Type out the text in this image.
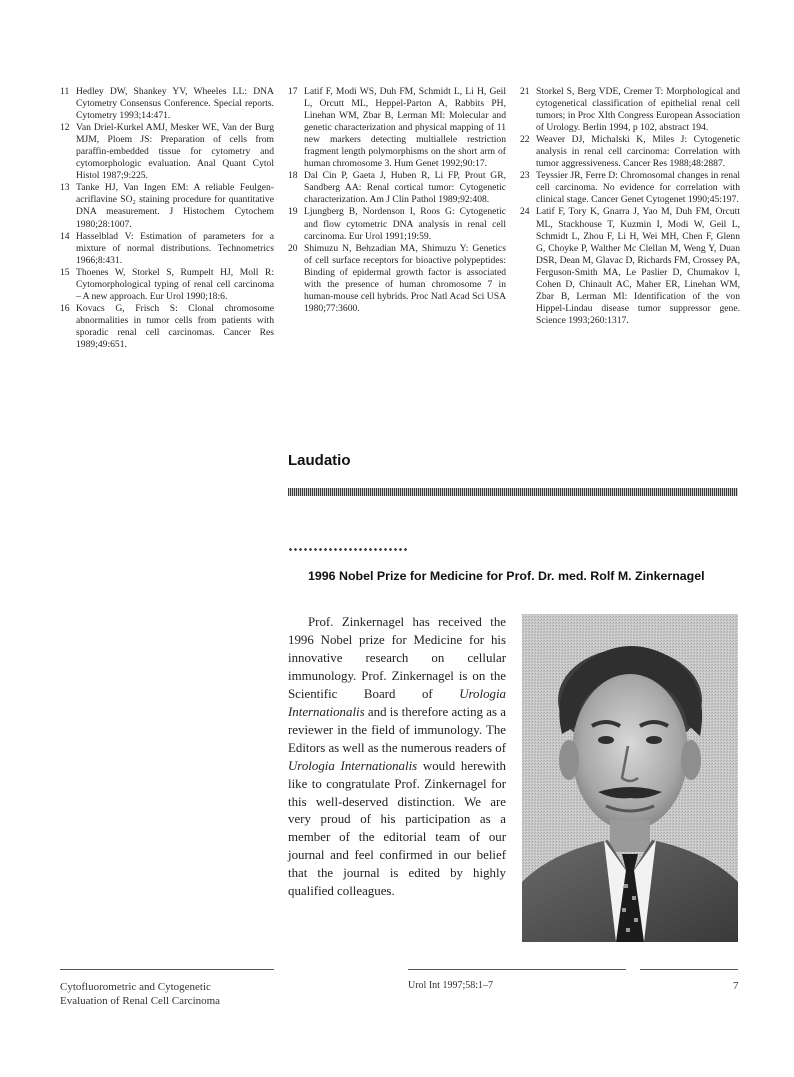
11 Hedley DW, Shankey YV, Wheeles LL: DNA Cytometry Consensus Conference. Special reports. Cytometry 1993;14:471.
12 Van Driel-Kurkel AMJ, Mesker WE, Van der Burg MJM, Ploem JS: Preparation of cells from paraffin-embedded tissue for cytometry and cytomorphologic evaluation. Anal Quant Cytol Histol 1987;9:225.
13 Tanke HJ, Van Ingen EM: A reliable Feulgen-acriflavine SO₂ staining procedure for quantitative DNA measurement. J Histochem Cytochem 1980;28:1007.
14 Hasselblad V: Estimation of parameters for a mixture of normal distributions. Technometrics 1966;8:431.
15 Thoenes W, Storkel S, Rumpelt HJ, Moll R: Cytomorphological typing of renal cell carcinoma – A new approach. Eur Urol 1990;18:6.
16 Kovacs G, Frisch S: Clonal chromosome abnormalities in tumor cells from patients with sporadic renal cell carcinomas. Cancer Res 1989;49:651.
17 Latif F, Modi WS, Duh FM, Schmidt L, Li H, Geil L, Orcutt ML, Heppel-Parton A, Rabbits PH, Linehan WM, Zbar B, Lerman MI: Molecular and genetic characterization and physical mapping of 11 new markers detecting multiallele restriction fragment length polymorphisms on the short arm of human chromosome 3. Hum Genet 1992;90:17.
18 Dal Cin P, Gaeta J, Huben R, Li FP, Prout GR, Sandberg AA: Renal cortical tumor: Cytogenetic characterization. Am J Clin Pathol 1989;92:408.
19 Ljungberg B, Nordenson I, Roos G: Cytogenetic and flow cytometric DNA analysis in renal cell carcinoma. Eur Urol 1991;19:59.
20 Shimuzu N, Behzadian MA, Shimuzu Y: Genetics of cell surface receptors for bioactive polypeptides: Binding of epidermal growth factor is associated with the presence of human chromosome 7 in human-mouse cell hybrids. Proc Natl Acad Sci USA 1980;77:3600.
21 Storkel S, Berg VDE, Cremer T: Morphological and cytogenetical classification of epithelial renal cell tumors; in Proc XIth Congress European Association of Urology. Berlin 1994, p 102, abstract 194.
22 Weaver DJ, Michalski K, Miles J: Cytogenetic analysis in renal cell carcinoma: Correlation with tumor aggressiveness. Cancer Res 1988;48:2887.
23 Teyssier JR, Ferre D: Chromosomal changes in renal cell carcinoma. No evidence for correlation with clinical stage. Cancer Genet Cytogenet 1990;45:197.
24 Latif F, Tory K, Gnarra J, Yao M, Duh FM, Orcutt ML, Stackhouse T, Kuzmin I, Modi W, Geil L, Schmidt L, Zhou F, Li H, Wei MH, Chen F, Glenn G, Choyke P, Walther Mc Clellan M, Weng Y, Duan DSR, Dean M, Glavac D, Richards FM, Crossey PA, Ferguson-Smith MA, Le Paslier D, Chumakov I, Cohen D, Chinault AC, Maher ER, Linehan WM, Zbar B, Lerman MI: Identification of the von Hippel-Lindau disease tumor suppressor gene. Science 1993;260:1317.
Laudatio
1996 Nobel Prize for Medicine for Prof. Dr. med. Rolf M. Zinkernagel

Prof. Zinkernagel has received the 1996 Nobel prize for Medicine for his innovative research on cellular immunology. Prof. Zinkernagel is on the Scientific Board of Urologia Internationalis and is therefore acting as a reviewer in the field of immunology. The Editors as well as the numerous readers of Urologia Internationalis would herewith like to congratulate Prof. Zinkernagel for this well-deserved distinction. We are very proud of his participation as a member of the editorial team of our journal and feel confirmed in our belief that the journal is edited by highly qualified colleagues.

Cytofluorometric and Cytogenetic
Evaluation of Renal Cell Carcinoma
Urol Int 1997;58:1–7	7
